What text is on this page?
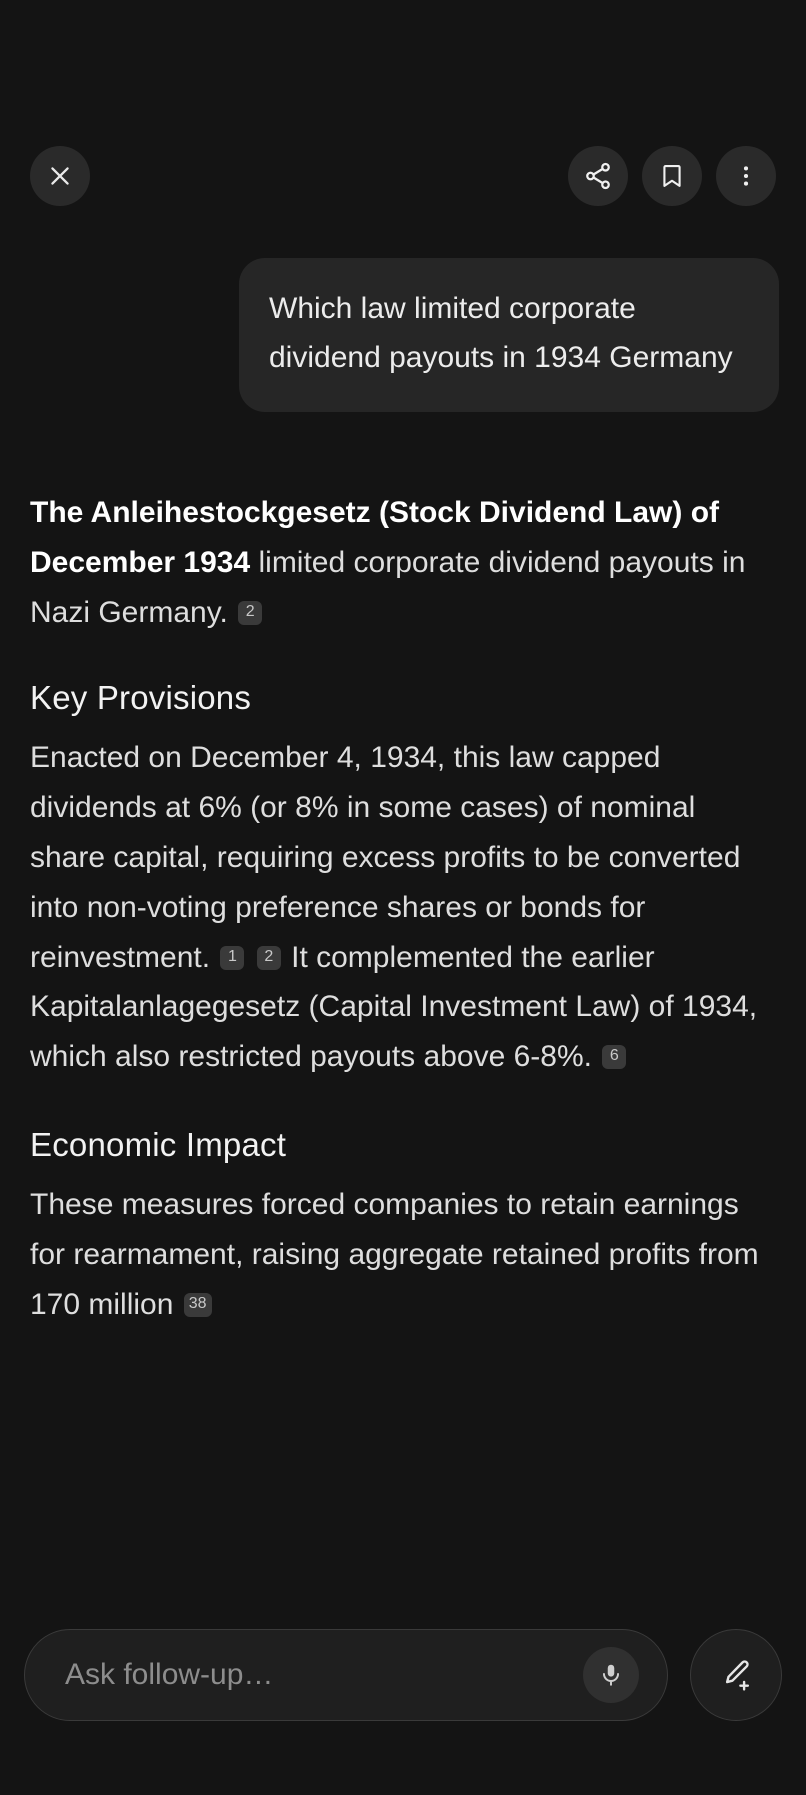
Which law limited corporate dividend payouts in 1934 Germany

The Anleihestockgesetz (Stock Dividend Law) of December 1934 limited corporate dividend payouts in Nazi Germany. 2

Key Provisions

Enacted on December 4, 1934, this law capped dividends at 6% (or 8% in some cases) of nominal share capital, requiring excess profits to be converted into non-voting preference shares or bonds for reinvestment. 1 2 It complemented the earlier Kapitalanlagegesetz (Capital Investment Law) of 1934, which also restricted payouts above 6-8%. 6

Economic Impact

These measures forced companies to retain earnings for rearmament, raising aggregate retained profits from 170 million 38

Ask follow-up…
